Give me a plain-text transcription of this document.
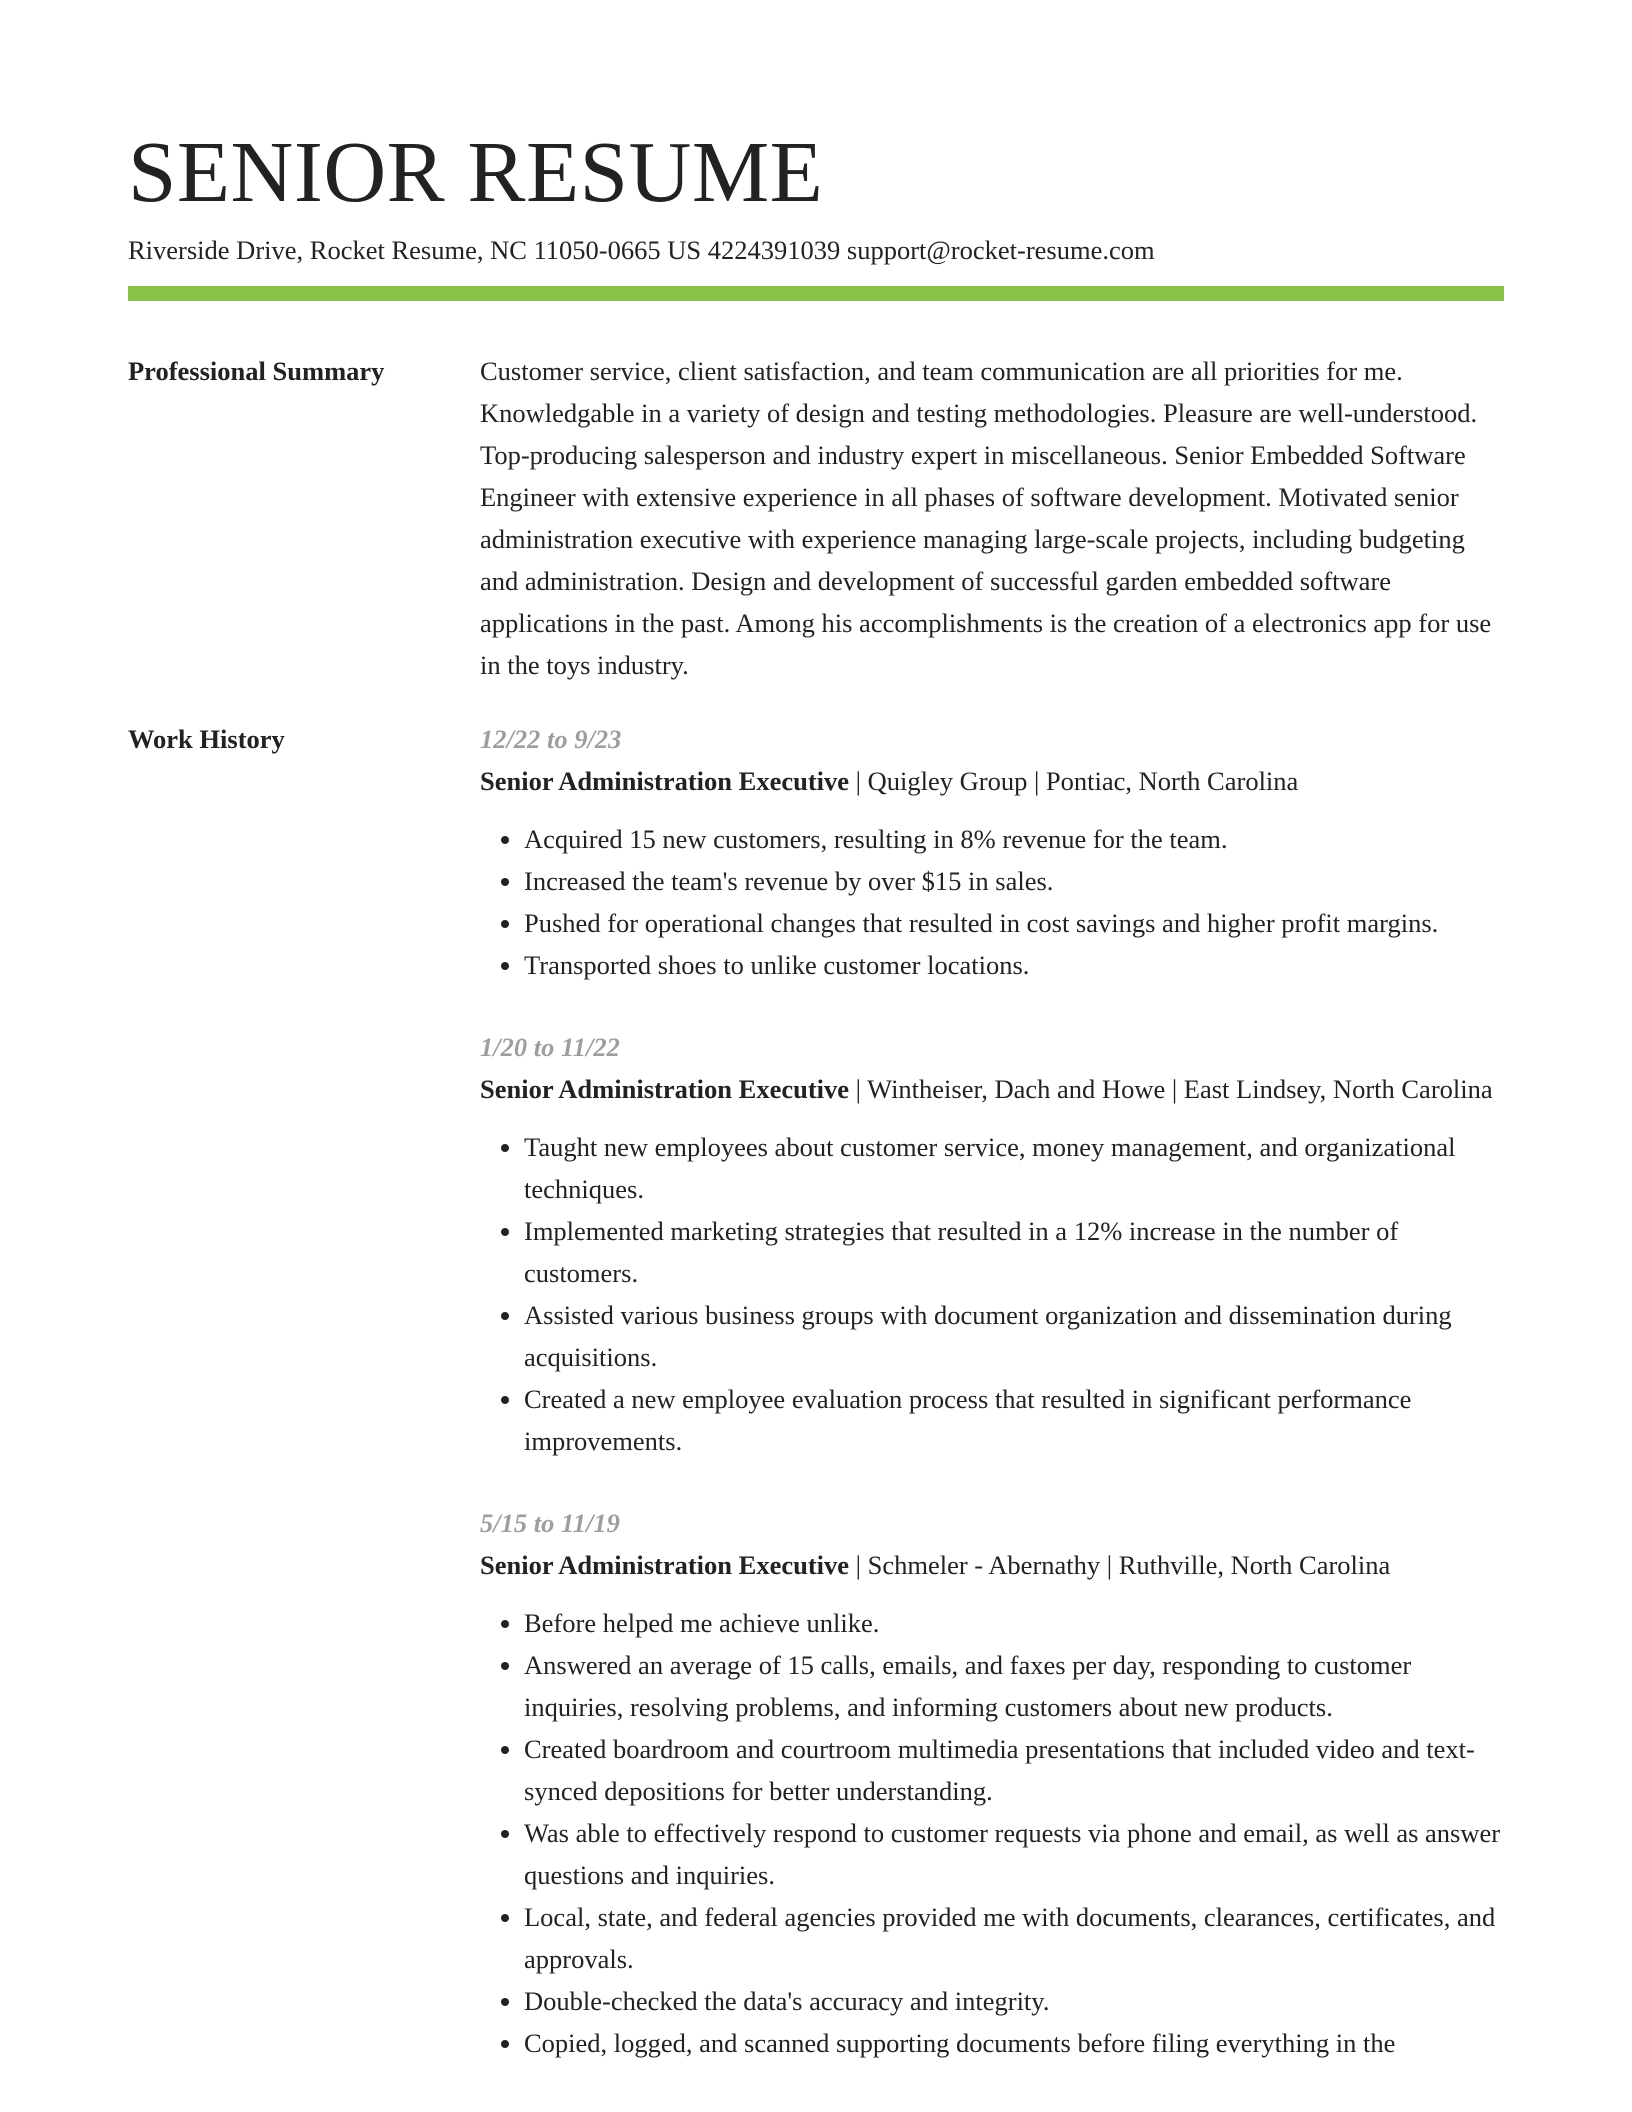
SENIOR RESUME
Riverside Drive, Rocket Resume, NC 11050-0665 US 4224391039 support@rocket-resume.com
Professional Summary	Customer service, client satisfaction, and team communication are all priorities for me. Knowledgable in a variety of design and testing methodologies. Pleasure are well-understood. Top-producing salesperson and industry expert in miscellaneous. Senior Embedded Software Engineer with extensive experience in all phases of software development. Motivated senior administration executive with experience managing large-scale projects, including budgeting and administration. Design and development of successful garden embedded software applications in the past. Among his accomplishments is the creation of a electronics app for use in the toys industry.

Work History	12/22 to 9/23
Senior Administration Executive | Quigley Group | Pontiac, North Carolina
• Acquired 15 new customers, resulting in 8% revenue for the team.
• Increased the team's revenue by over $15 in sales.
• Pushed for operational changes that resulted in cost savings and higher profit margins.
• Transported shoes to unlike customer locations.
1/20 to 11/22
Senior Administration Executive | Wintheiser, Dach and Howe | East Lindsey, North Carolina
• Taught new employees about customer service, money management, and organizational techniques.
• Implemented marketing strategies that resulted in a 12% increase in the number of customers.
• Assisted various business groups with document organization and dissemination during acquisitions.
• Created a new employee evaluation process that resulted in significant performance improvements.
5/15 to 11/19
Senior Administration Executive | Schmeler - Abernathy | Ruthville, North Carolina
• Before helped me achieve unlike.
• Answered an average of 15 calls, emails, and faxes per day, responding to customer inquiries, resolving problems, and informing customers about new products.
• Created boardroom and courtroom multimedia presentations that included video and text-synced depositions for better understanding.
• Was able to effectively respond to customer requests via phone and email, as well as answer questions and inquiries.
• Local, state, and federal agencies provided me with documents, clearances, certificates, and approvals.
• Double-checked the data's accuracy and integrity.
• Copied, logged, and scanned supporting documents before filing everything in the
